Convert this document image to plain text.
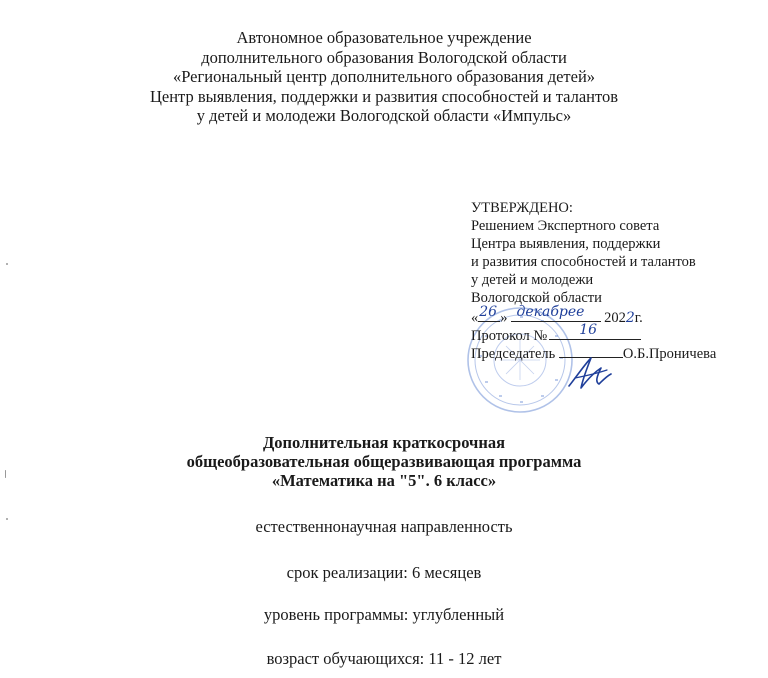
Автономное образовательное учреждение
дополнительного образования Вологодской области
«Региональный центр дополнительного образования детей»
Центр выявления, поддержки и развития способностей и талантов
у детей и молодежи Вологодской области «Импульс»
УТВЕРЖДЕНО:
Решением Экспертного совета
Центра выявления, поддержки
и развития способностей и талантов
у детей и молодежи
Вологодской области
« 26 » декабрее 2022г.
Протокол № 16
Председатель	О.Б.Проничева
Дополнительная краткосрочная
общеобразовательная общеразвивающая программа
«Математика на "5". 6 класс»
естественнонаучная направленность
срок реализации: 6 месяцев
уровень программы: углубленный
возраст обучающихся: 11 - 12 лет
